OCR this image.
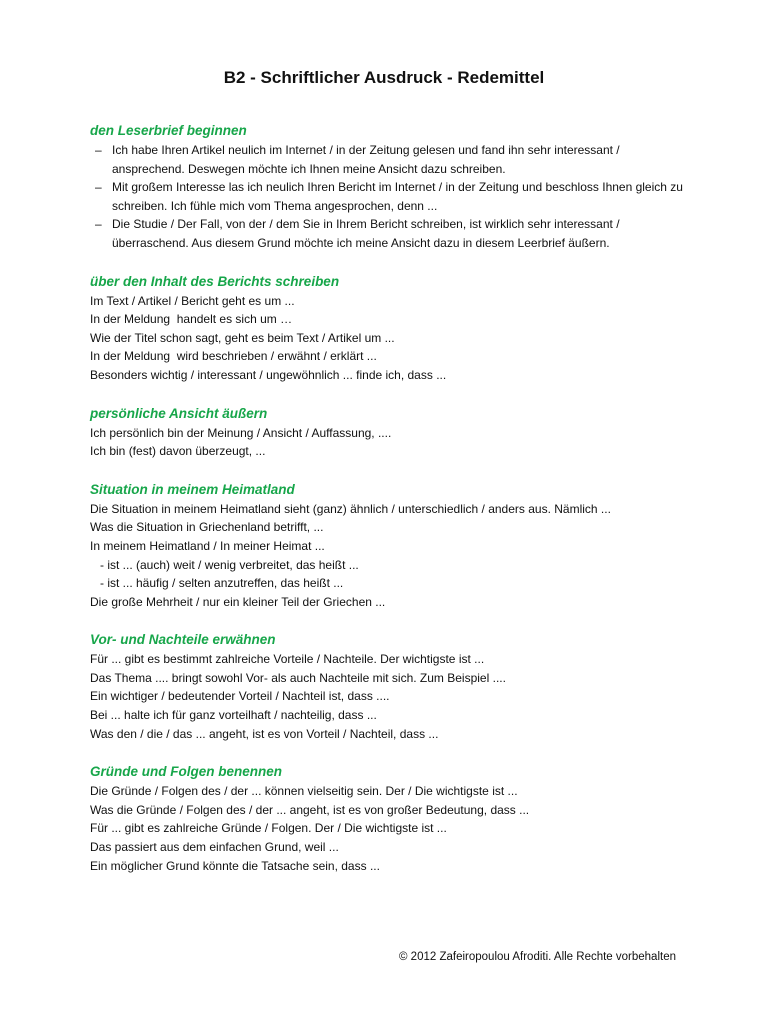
B2 - Schriftlicher Ausdruck - Redemittel
den Leserbrief beginnen
– Ich habe Ihren Artikel neulich im Internet / in der Zeitung gelesen und fand ihn sehr interessant / ansprechend. Deswegen möchte ich Ihnen meine Ansicht dazu schreiben.
– Mit großem Interesse las ich neulich Ihren Bericht im Internet / in der Zeitung und beschloss Ihnen gleich zu schreiben. Ich fühle mich vom Thema angesprochen, denn ...
– Die Studie / Der Fall, von der / dem Sie in Ihrem Bericht schreiben, ist wirklich sehr interessant / überraschend. Aus diesem Grund möchte ich meine Ansicht dazu in diesem Leerbrief äußern.
über den Inhalt des Berichts schreiben
Im Text / Artikel / Bericht geht es um ...
In der Meldung  handelt es sich um …
Wie der Titel schon sagt, geht es beim Text / Artikel um ...
In der Meldung  wird beschrieben / erwähnt / erklärt ...
Besonders wichtig / interessant / ungewöhnlich ... finde ich, dass ...
persönliche Ansicht äußern
Ich persönlich bin der Meinung / Ansicht / Auffassung, ....
Ich bin (fest) davon überzeugt, ...
Situation in meinem Heimatland
Die Situation in meinem Heimatland sieht (ganz) ähnlich / unterschiedlich / anders aus. Nämlich ...
Was die Situation in Griechenland betrifft, ...
In meinem Heimatland / In meiner Heimat ...
- ist ... (auch) weit / wenig verbreitet, das heißt ...
- ist ... häufig / selten anzutreffen, das heißt ...
Die große Mehrheit / nur ein kleiner Teil der Griechen ...
Vor- und Nachteile erwähnen
Für ... gibt es bestimmt zahlreiche Vorteile / Nachteile. Der wichtigste ist ...
Das Thema .... bringt sowohl Vor- als auch Nachteile mit sich. Zum Beispiel ....
Ein wichtiger / bedeutender Vorteil / Nachteil ist, dass ....
Bei ... halte ich für ganz vorteilhaft / nachteilig, dass ...
Was den / die / das ... angeht, ist es von Vorteil / Nachteil, dass ...
Gründe und Folgen benennen
Die Gründe / Folgen des / der ... können vielseitig sein. Der / Die wichtigste ist ...
Was die Gründe / Folgen des / der ... angeht, ist es von großer Bedeutung, dass ...
Für ... gibt es zahlreiche Gründe / Folgen. Der / Die wichtigste ist ...
Das passiert aus dem einfachen Grund, weil ...
Ein möglicher Grund könnte die Tatsache sein, dass ...
© 2012 Zafeiropoulou Afroditi. Alle Rechte vorbehalten
